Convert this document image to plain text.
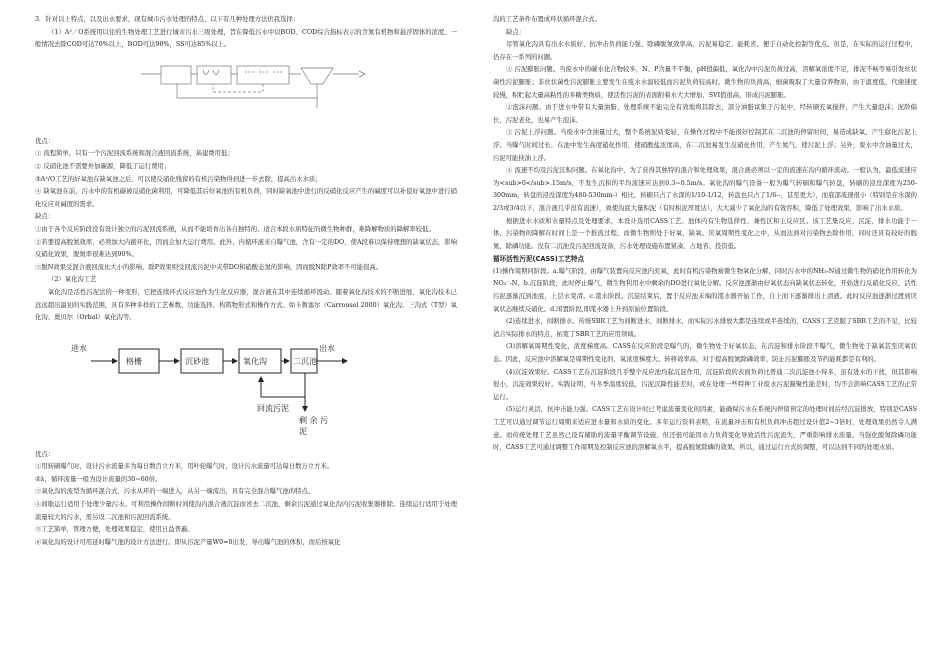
3．针对以上特点，以及出水要求，现有城市污水处理的特点，以下有几种处理方法供我选择：

（1）A²／O系统用以往的生物处理工艺进行城市污水三级处理，旨在降低污水中以BOD、COD综合指标表示的含氮有机物和悬浮固体的浓度。一般情况去除COD可达70%以上，BOD可达90%，SS可达85%以上。

优点：

① 流程简单，只有一个污泥回流系统和混合液回流系统，基建费用低；

② 反硝化池不需要外加碳源，降低了运行费用；

③A²/O工艺的好氧池在缺氧池之后，可以使反硝化残留的有机污染物得到进一步去除，提高出水水质；

④ 缺氧池在前，污水中的有机碳被反硝化菌利用，可降低其后好氧池的有机负荷，同时缺氧池中进行的反硝化反应产生的碱度可以补偿好氧池中进行硝化反应对碱度的需求。

缺点：

①由于各个反应阶段没有设计独立的污泥回流系统，从而不能培育出各自独特的、适合本段水质特征的微生物种群，难降解物质的降解率较低。

②若要提高脱氮效率，必须加大内循环比，因而会加大运行费用。此外，内循环液来自曝气池，含有一定的DO，使A段难以保持理想的缺氧状态，影响反硝化效果，脱氮率很难达到90%。

③脱N效果受混合液回流比大小的影响，除P效果则受回流污泥中夹带DO和硝酸态氮的影响，因而脱N除P效率不可能很高。

（2）氧化沟工艺

氧化沟是活性污泥法的一种变形，它把连续环式反应池作为生化反应器，混合液在其中连续循环流动。随着氧化沟技术的不断进展，氧化沟技术已远远超出最初的实践范围，具有多种多样的工艺参数、功能选择、构筑物形式和操作方式。如卡鲁塞尔（Carrousel 2000）氧化沟、三沟式（T型）氧化沟、奥贝尔（Orbal）氧化沟等。

进水	出水
格栅	沉砂池	氧化沟	二沉池
回流污泥
剩 余 污
泥

优点：

①用转刷曝气时，设计污水流量多为每日数百立方米，用叶轮曝气时，设计污水流量可达每日数万立方米。

②λ，循环流量一般为设计流量的30~60倍。

③氧化沟的流型为循环混合式，污水从环的一端进入，从另一端流出，具有完全混合曝气池的特点。

④间歇运行适用于处理少量污水。可利用操作间断时间使沟内混合液沉淀而省去二沉池，剩余污泥通过氧化沟内污泥收集器排除。连续运行适用于处理流量较大的污水，需另设二沉池和污泥回流系统。

⑤工艺简单，管理方便，处理效果稳定，使用日益普遍。

⑥氧化沟的设计可用延时曝气池的设计方法进行。即从污泥产量W0=0出发，导出曝气池的体积，而后按氧化

沟的工艺条件布置成环状循环混合式。

缺点：

尽管氧化沟具有出水水质好、抗冲击负荷能力强、除磷脱氮效率高、污泥易稳定、能耗省、便于自动化控制等优点。但是，在实际的运行过程中，仍存在一系列的问题。

① 污泥膨胀问题。当废水中的碳水化合物较多，N、P含量不平衡，pH值偏低，氧化沟中污泥负荷过高，溶解氧浓度不足，排泥不畅等易引发丝状菌性污泥膨胀；非丝状菌性污泥膨胀主要发生在废水水温较低而污泥负荷较高时。微生物的负荷高，细菌吸取了大量营养物质，由于温度低，代谢速度较慢，积贮起大量高粘性的多糖类物质，使活性污泥的表面附着水大大增加，SVI值很高，形成污泥膨胀。

②泡沫问题。由于进水中带有大量油脂，处理系统不能完全有效地将其除去，部分油脂富集于污泥中，经转刷充氧搅拌，产生大量泡沫；泥龄偏长，污泥老化，也易产生泡沫。

③ 污泥上浮问题。当废水中含油量过大，整个系统泥质变轻，在操作过程中不能很好控制其在二沉池的停留时间，易造成缺氧，产生腐化污泥上浮；当曝气时间过长，在池中发生高度硝化作用，使硝酸盐浓度高，在二沉池易发生反硝化作用，产生氮气，使污泥上浮；另外，废水中含油量过大，污泥可能挟油上浮。

④ 流速不均及污泥沉积问题。在氧化沟中，为了获得其独特的混合和处理效果，混合液必须以一定的流速在沟内循环流动。一般认为，最低流速应为<sub>0</sub>.15m/s，不发生沉积的平均流速应达到0.3~0.5m/s。氧化沟的曝气设备一般为曝气转刷和曝气转盘，转刷的浸没深度为250-300mm，转盘的浸没深度为480-530mm-）相比，转刷只占了水深的1/10-1/12，转盘也只占了1/6--，甚至更大），而底部流速很小（特别是在水深的2/3或3/4以下，混合液几乎没有流速），致使沟底大量积泥（有时积泥厚度达），大大减少了氧化沟的有效容积，降低了处理效果，影响了出水水质。

根据进水水质和水量特点及处理要求，本设计选用CASS工艺。池体内有生物选择性、兼性区和主反应区。该工艺集反应、沉淀、排水功能于一体，污染物的降解在时间上是一个推流过程，而微生物则处于好氧、缺氧、厌氧周期性变化之中，从而达到对污染物去除作用，同时还具有较好的脱氮、除磷功能。没有二沉池及污泥回流设备，污水处理设施布置紧凑、占地省、投资低。

循环活性污泥(CASS)工艺特点

(1)操作周期同阶段。a.曝气阶段，由曝气装置向反应池内充氧，此时有机污染物被微生物氧化分解，同时污水中的NH₃-N通过微生物的硝化作用转化为NO₃⁻-N。b.沉淀阶段，此时停止曝气，微生物利用水中剩余的DO进行氧化分解。反应池逐渐由好氧状态向缺氧状态转化，开始进行反硝化反应，活性污泥逐渐沉到池底，上层水变清。c.滗水阶段。沉淀结束后，置于反应池末端的滗水器开始工作，自上而下逐渐排出上清液。此时反应池逐渐过渡到厌氧状态继续反硝化。d.闲置阶段,即滗水器上升到原始位置阶段。

(2)连续进水，间断排水。传统SBR工艺为间断进水，间断排水，而实际污水排放大都是连续或半连续的，CASS工艺克服了SBR工艺的不足，比较适合实际排水的特点，拓宽了SBR工艺的应用领域。

(3)溶解氧周期性变化，浓度梯度高。CASS在反应阶段是曝气的，微生物处于好氧状态，在沉淀和排水阶段不曝气，微生物处于缺氧甚至厌氧状态。因此，反应池中溶解氧是周期性变化的，氧浓度梯度大、转移效率高，对于提高脱氮除磷效率、防止污泥膨胀及节约能耗都是有利的。

(4)沉淀效果好。CASS工艺在沉淀阶段几乎整个反应池均起沉淀作用，沉淀阶段的表面负荷比普通二次沉淀池小得多，虽有进水的干扰，但其影响很小，沉淀效果较好。实践证明，当冬季温度较低，污泥沉降性能差时，或在处理一些特种工业废水污泥凝聚性能差时，均不会影响CASS工艺的正常运行。

(5)运行灵活，抗冲击能力强。CASS工艺在设计时已考虑流量变化的因素，能确保污水在系统内停留预定的处理时间后经沉淀排放，特别是CASS工艺可以通过调节运行周期来适应进水量和水质的变化。多年运行资料表明，在流量冲击和有机负荷冲击超过设计值2~3倍时，处理效果仍然令人满意。而传统处理工艺虽然已设有辅助的流量平衡调节设施，但还很可能因水力负荷变化导致活性污泥流失，严重影响排水质量。当强化脱氮除磷功能时，CASS工艺可通过调整工作周期及控制反应池的溶解氧水平，提高脱氮除磷的效果。所以，通过运行方式的调整，可以达到不同的处理水质。
